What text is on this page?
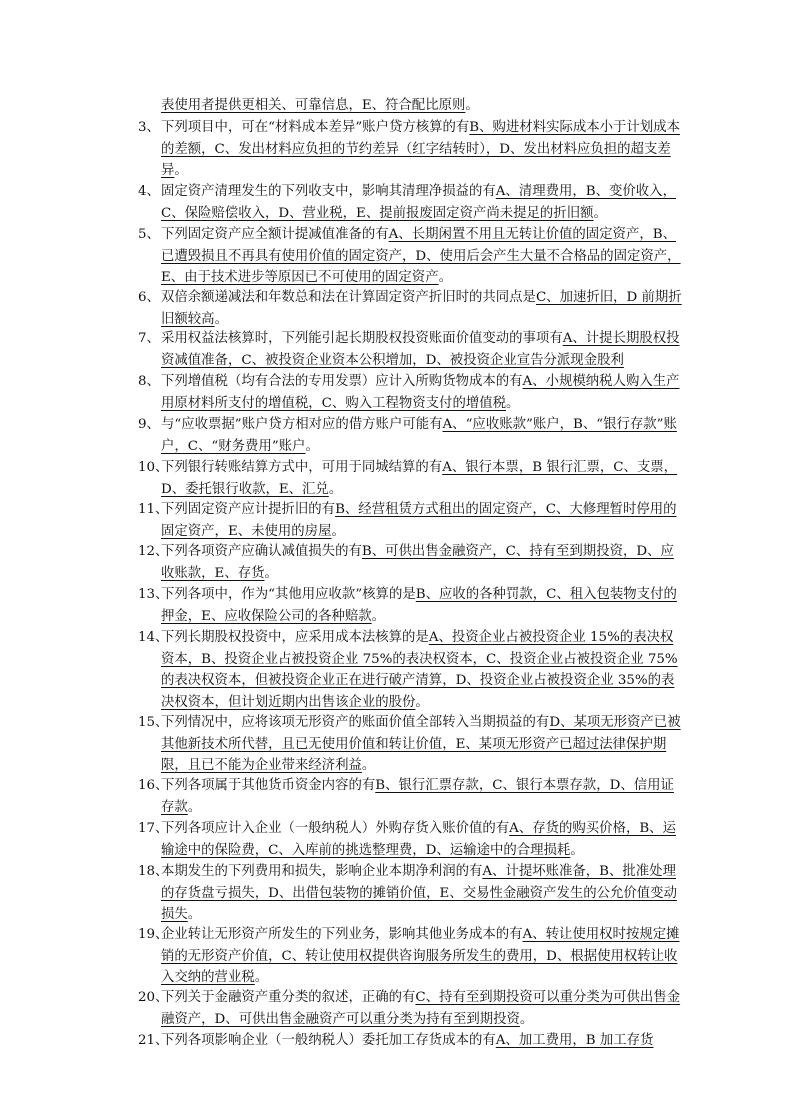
表使用者提供更相关、可靠信息，E、符合配比原则。
3、 下列项目中，可在“材料成本差异”账户贷方核算的有B、购进材料实际成本小于计划成本的差额，C、发出材料应负担的节约差异（红字结转时），D、发出材料应负担的超支差异。
4、 固定资产清理发生的下列收支中，影响其清理净损益的有A、清理费用，B、变价收入，C、保险赔偿收入，D、营业税，E、提前报废固定资产尚未提足的折旧额。
5、 下列固定资产应全额计提减值准备的有A、长期闲置不用且无转让价值的固定资产，B、已遭毁损且不再具有使用价值的固定资产，D、使用后会产生大量不合格品的固定资产，E、由于技术进步等原因已不可使用的固定资产。
6、 双倍余额递减法和年数总和法在计算固定资产折旧时的共同点是C、加速折旧，D 前期折旧额较高。
7、 采用权益法核算时，下列能引起长期股权投资账面价值变动的事项有A、计提长期股权投资减值准备，C、被投资企业资本公积增加，D、被投资企业宣告分派现金股利
8、 下列增值税（均有合法的专用发票）应计入所购货物成本的有A、小规模纳税人购入生产用原材料所支付的增值税，C、购入工程物资支付的增值税。
9、 与“应收票据”账户贷方相对应的借方账户可能有A、“应收账款”账户，B、“银行存款”账户，C、“财务费用”账户。
10、
下列银行转账结算方式中，可用于同城结算的有A、银行本票，B 银行汇票，C、支票，D、委托银行收款，E、汇兑。
11、
下列固定资产应计提折旧的有B、经营租赁方式租出的固定资产，C、大修理暂时停用的固定资产，E、未使用的房屋。
12、
下列各项资产应确认减值损失的有B、可供出售金融资产，C、持有至到期投资，D、应收账款，E、存货。
13、
下列各项中，作为“其他用应收款”核算的是B、应收的各种罚款，C、租入包装物支付的押金，E、应收保险公司的各种赔款。
14、
下列长期股权投资中，应采用成本法核算的是A、投资企业占被投资企业 15%的表决权资本，B、投资企业占被投资企业 75%的表决权资本，C、投资企业占被投资企业 75%的表决权资本，但被投资企业正在进行破产清算，D、投资企业占被投资企业 35%的表决权资本，但计划近期内出售该企业的股份。
15、
下列情况中，应将该项无形资产的账面价值全部转入当期损益的有D、某项无形资产已被其他新技术所代替，且已无使用价值和转让价值，E、某项无形资产已超过法律保护期限，且已不能为企业带来经济利益。
16、
下列各项属于其他货币资金内容的有B、银行汇票存款，C、银行本票存款，D、信用证存款。
17、
下列各项应计入企业（一般纳税人）外购存货入账价值的有A、存货的购买价格，B、运输途中的保险费，C、入库前的挑选整理费，D、运输途中的合理损耗。
18、
本期发生的下列费用和损失，影响企业本期净利润的有A、计提坏账准备，B、批准处理的存货盘亏损失，D、出借包装物的摊销价值，E、交易性金融资产发生的公允价值变动损失。
19、
企业转让无形资产所发生的下列业务，影响其他业务成本的有A、转让使用权时按规定摊销的无形资产价值，C、转让使用权提供咨询服务所发生的费用，D、根据使用权转让收入交纳的营业税。
20、
下列关于金融资产重分类的叙述，正确的有C、持有至到期投资可以重分类为可供出售金融资产，D、可供出售金融资产可以重分类为持有至到期投资。
21、
下列各项影响企业（一般纳税人）委托加工存货成本的有A、加工费用，B 加工存货
